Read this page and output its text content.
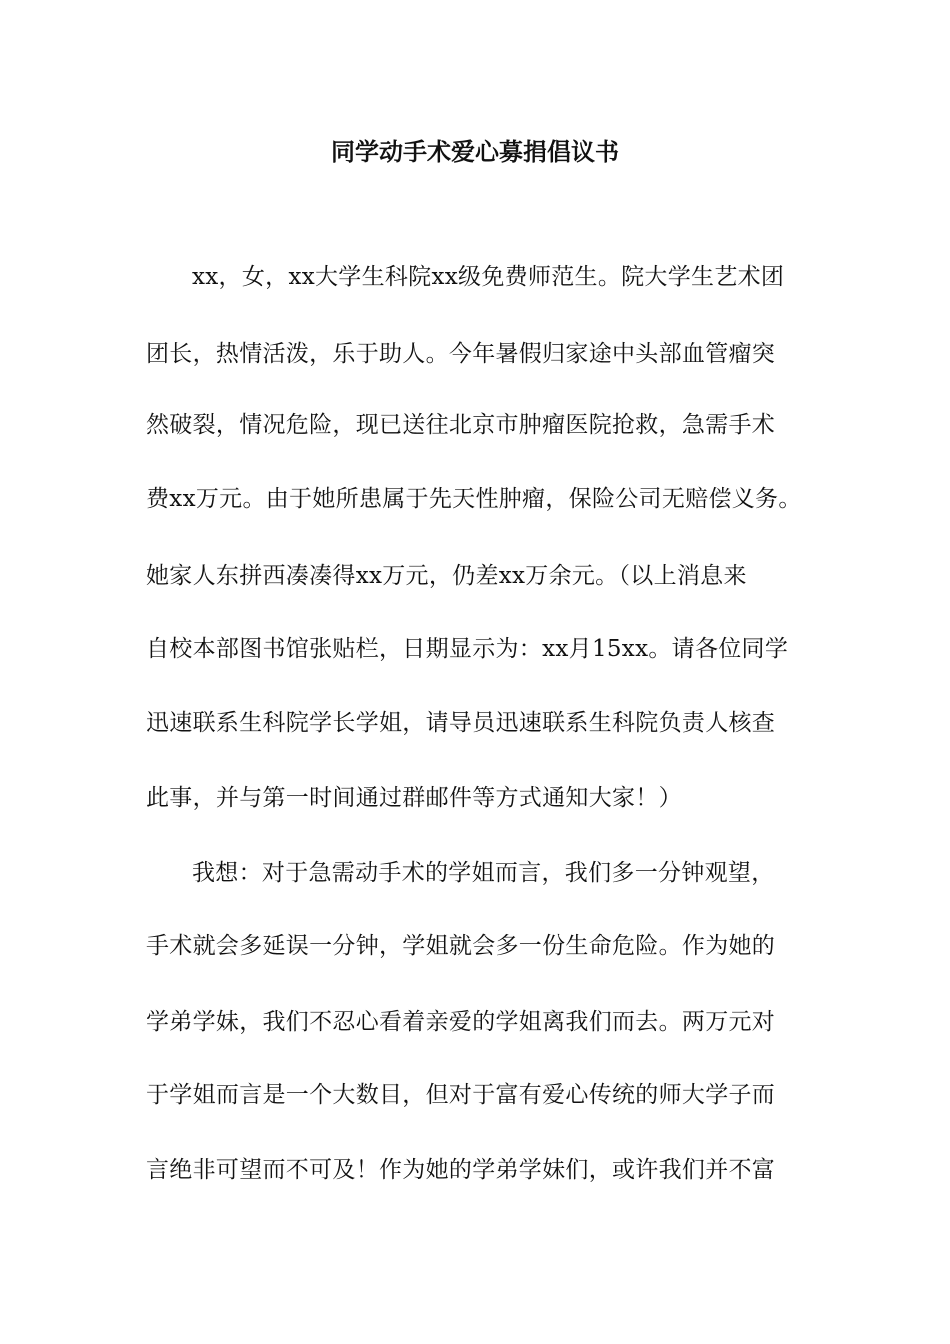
同学动手术爱心募捐倡议书

xx，女，xx大学生科院xx级免费师范生。院大学生艺术团

团长，热情活泼，乐于助人。今年暑假归家途中头部血管瘤突

然破裂，情况危险，现已送往北京市肿瘤医院抢救，急需手术

费xx万元。由于她所患属于先天性肿瘤，保险公司无赔偿义务。

她家人东拼西凑凑得xx万元，仍差xx万余元。（以上消息来

自校本部图书馆张贴栏，日期显示为：xx月15xx。请各位同学

迅速联系生科院学长学姐，请导员迅速联系生科院负责人核查

此事，并与第一时间通过群邮件等方式通知大家！）

我想：对于急需动手术的学姐而言，我们多一分钟观望，

手术就会多延误一分钟，学姐就会多一份生命危险。作为她的

学弟学妹，我们不忍心看着亲爱的学姐离我们而去。两万元对

于学姐而言是一个大数目，但对于富有爱心传统的师大学子而

言绝非可望而不可及！作为她的学弟学妹们，或许我们并不富
